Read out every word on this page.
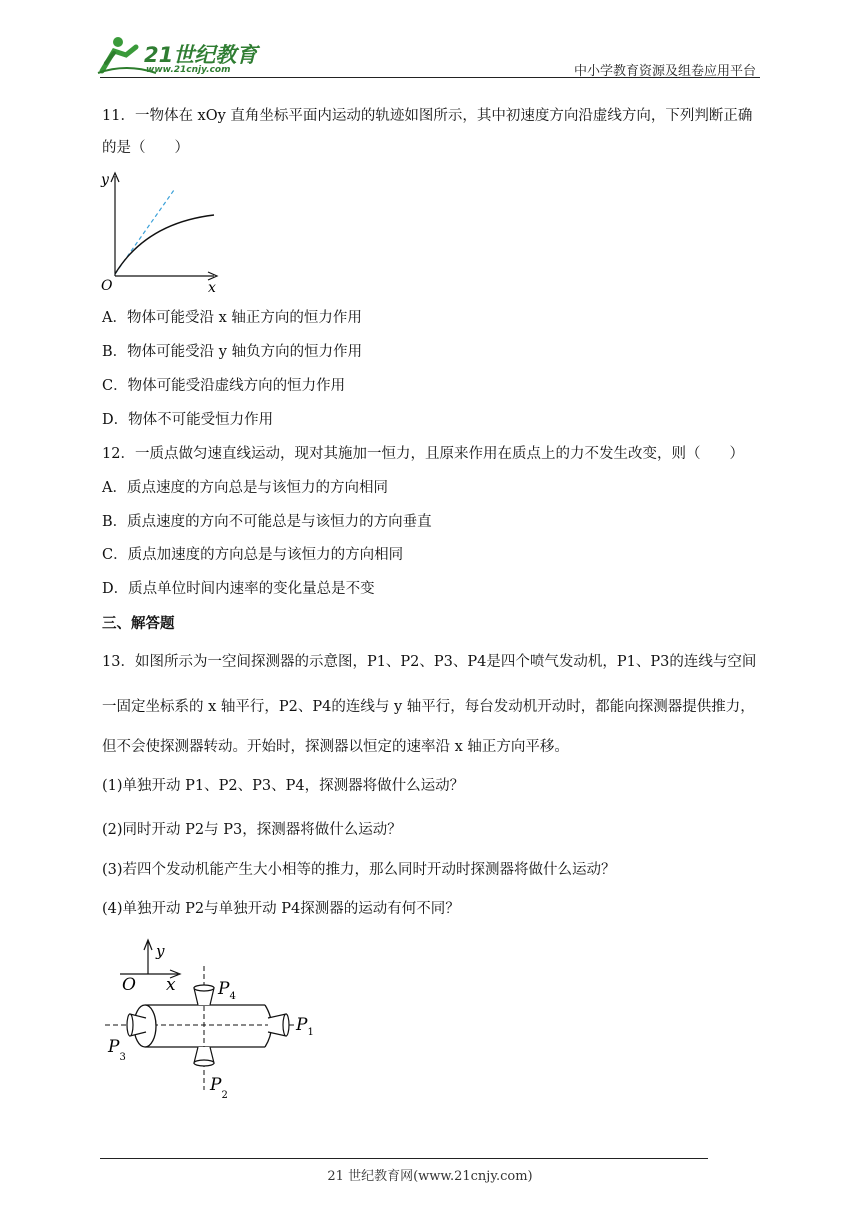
21世纪教育
www.21cnjy.com	中小学教育资源及组卷应用平台
11．一物体在 xOy 直角坐标平面内运动的轨迹如图所示，其中初速度方向沿虚线方向，下列判断正确
的是（　　）
y
O	x
A．物体可能受沿 x 轴正方向的恒力作用
B．物体可能受沿 y 轴负方向的恒力作用
C．物体可能受沿虚线方向的恒力作用
D．物体不可能受恒力作用
12．一质点做匀速直线运动，现对其施加一恒力，且原来作用在质点上的力不发生改变，则（　　）
A．质点速度的方向总是与该恒力的方向相同
B．质点速度的方向不可能总是与该恒力的方向垂直
C．质点加速度的方向总是与该恒力的方向相同
D．质点单位时间内速率的变化量总是不变
三、解答题
13．如图所示为一空间探测器的示意图，P1、P2、P3、P4是四个喷气发动机，P1、P3的连线与空间
一固定坐标系的 x 轴平行，P2、P4的连线与 y 轴平行，每台发动机开动时，都能向探测器提供推力，
但不会使探测器转动。开始时，探测器以恒定的速率沿 x 轴正方向平移。
(1)单独开动 P1、P2、P3、P4，探测器将做什么运动？
(2)同时开动 P2与 P3，探测器将做什么运动？
(3)若四个发动机能产生大小相等的推力，那么同时开动时探测器将做什么运动？
(4)单独开动 P2与单独开动 P4探测器的运动有何不同？
y
O x $P_4$
$P_1$
$P_3$
$P_2$
21 世纪教育网(www.21cnjy.com)
